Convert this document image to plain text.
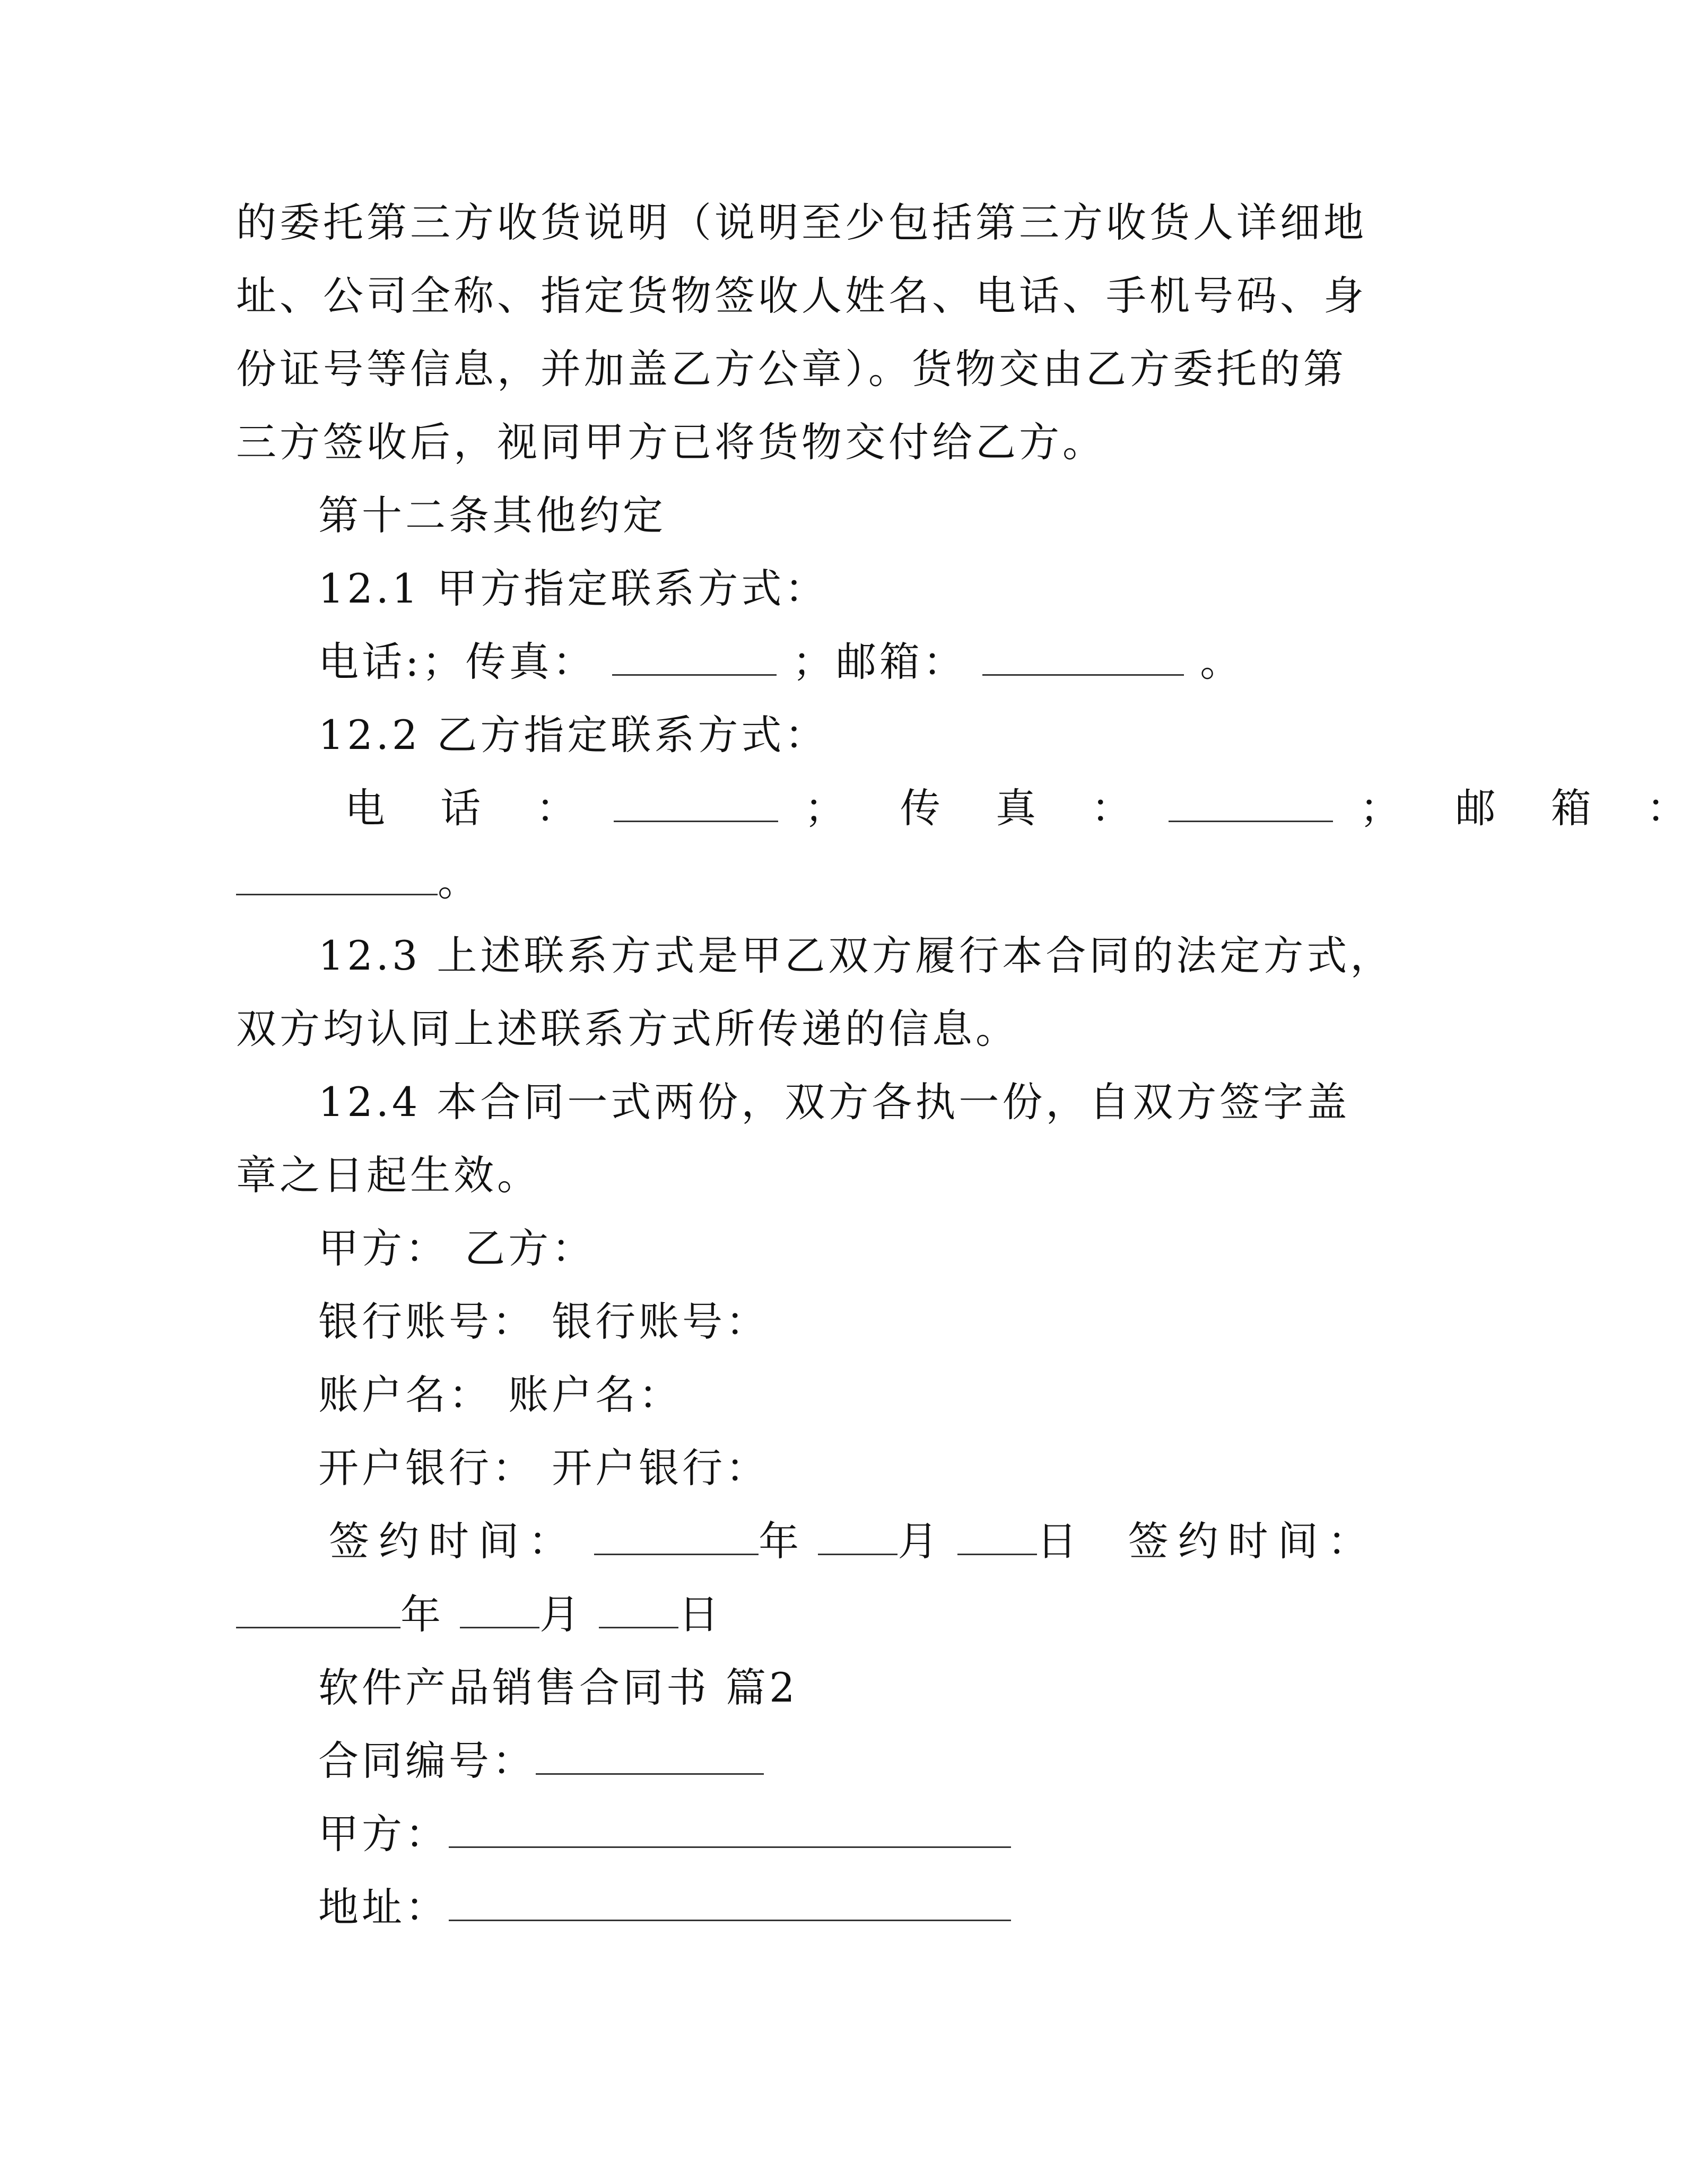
的委托第三方收货说明（说明至少包括第三方收货人详细地
址、公司全称、指定货物签收人姓名、电话、手机号码、身
份证号等信息，并加盖乙方公章）。货物交由乙方委托的第
三方签收后，视同甲方已将货物交付给乙方。
第十二条其他约定
12.1 甲方指定联系方式：
电话:；传真：	；邮箱：	。
12.2 乙方指定联系方式：
电 话 ：	； 传 真 ：	； 邮 箱 ：
。
12.3 上述联系方式是甲乙双方履行本合同的法定方式，
双方均认同上述联系方式所传递的信息。
12.4 本合同一式两份，双方各执一份，自双方签字盖
章之日起生效。
甲方： 乙方：
银行账号： 银行账号：
账户名： 账户名：
开户银行： 开户银行：
签约时间：	年 月 日 签约时间：
年 月 日
软件产品销售合同书 篇2
合同编号：
甲方：
地址：
